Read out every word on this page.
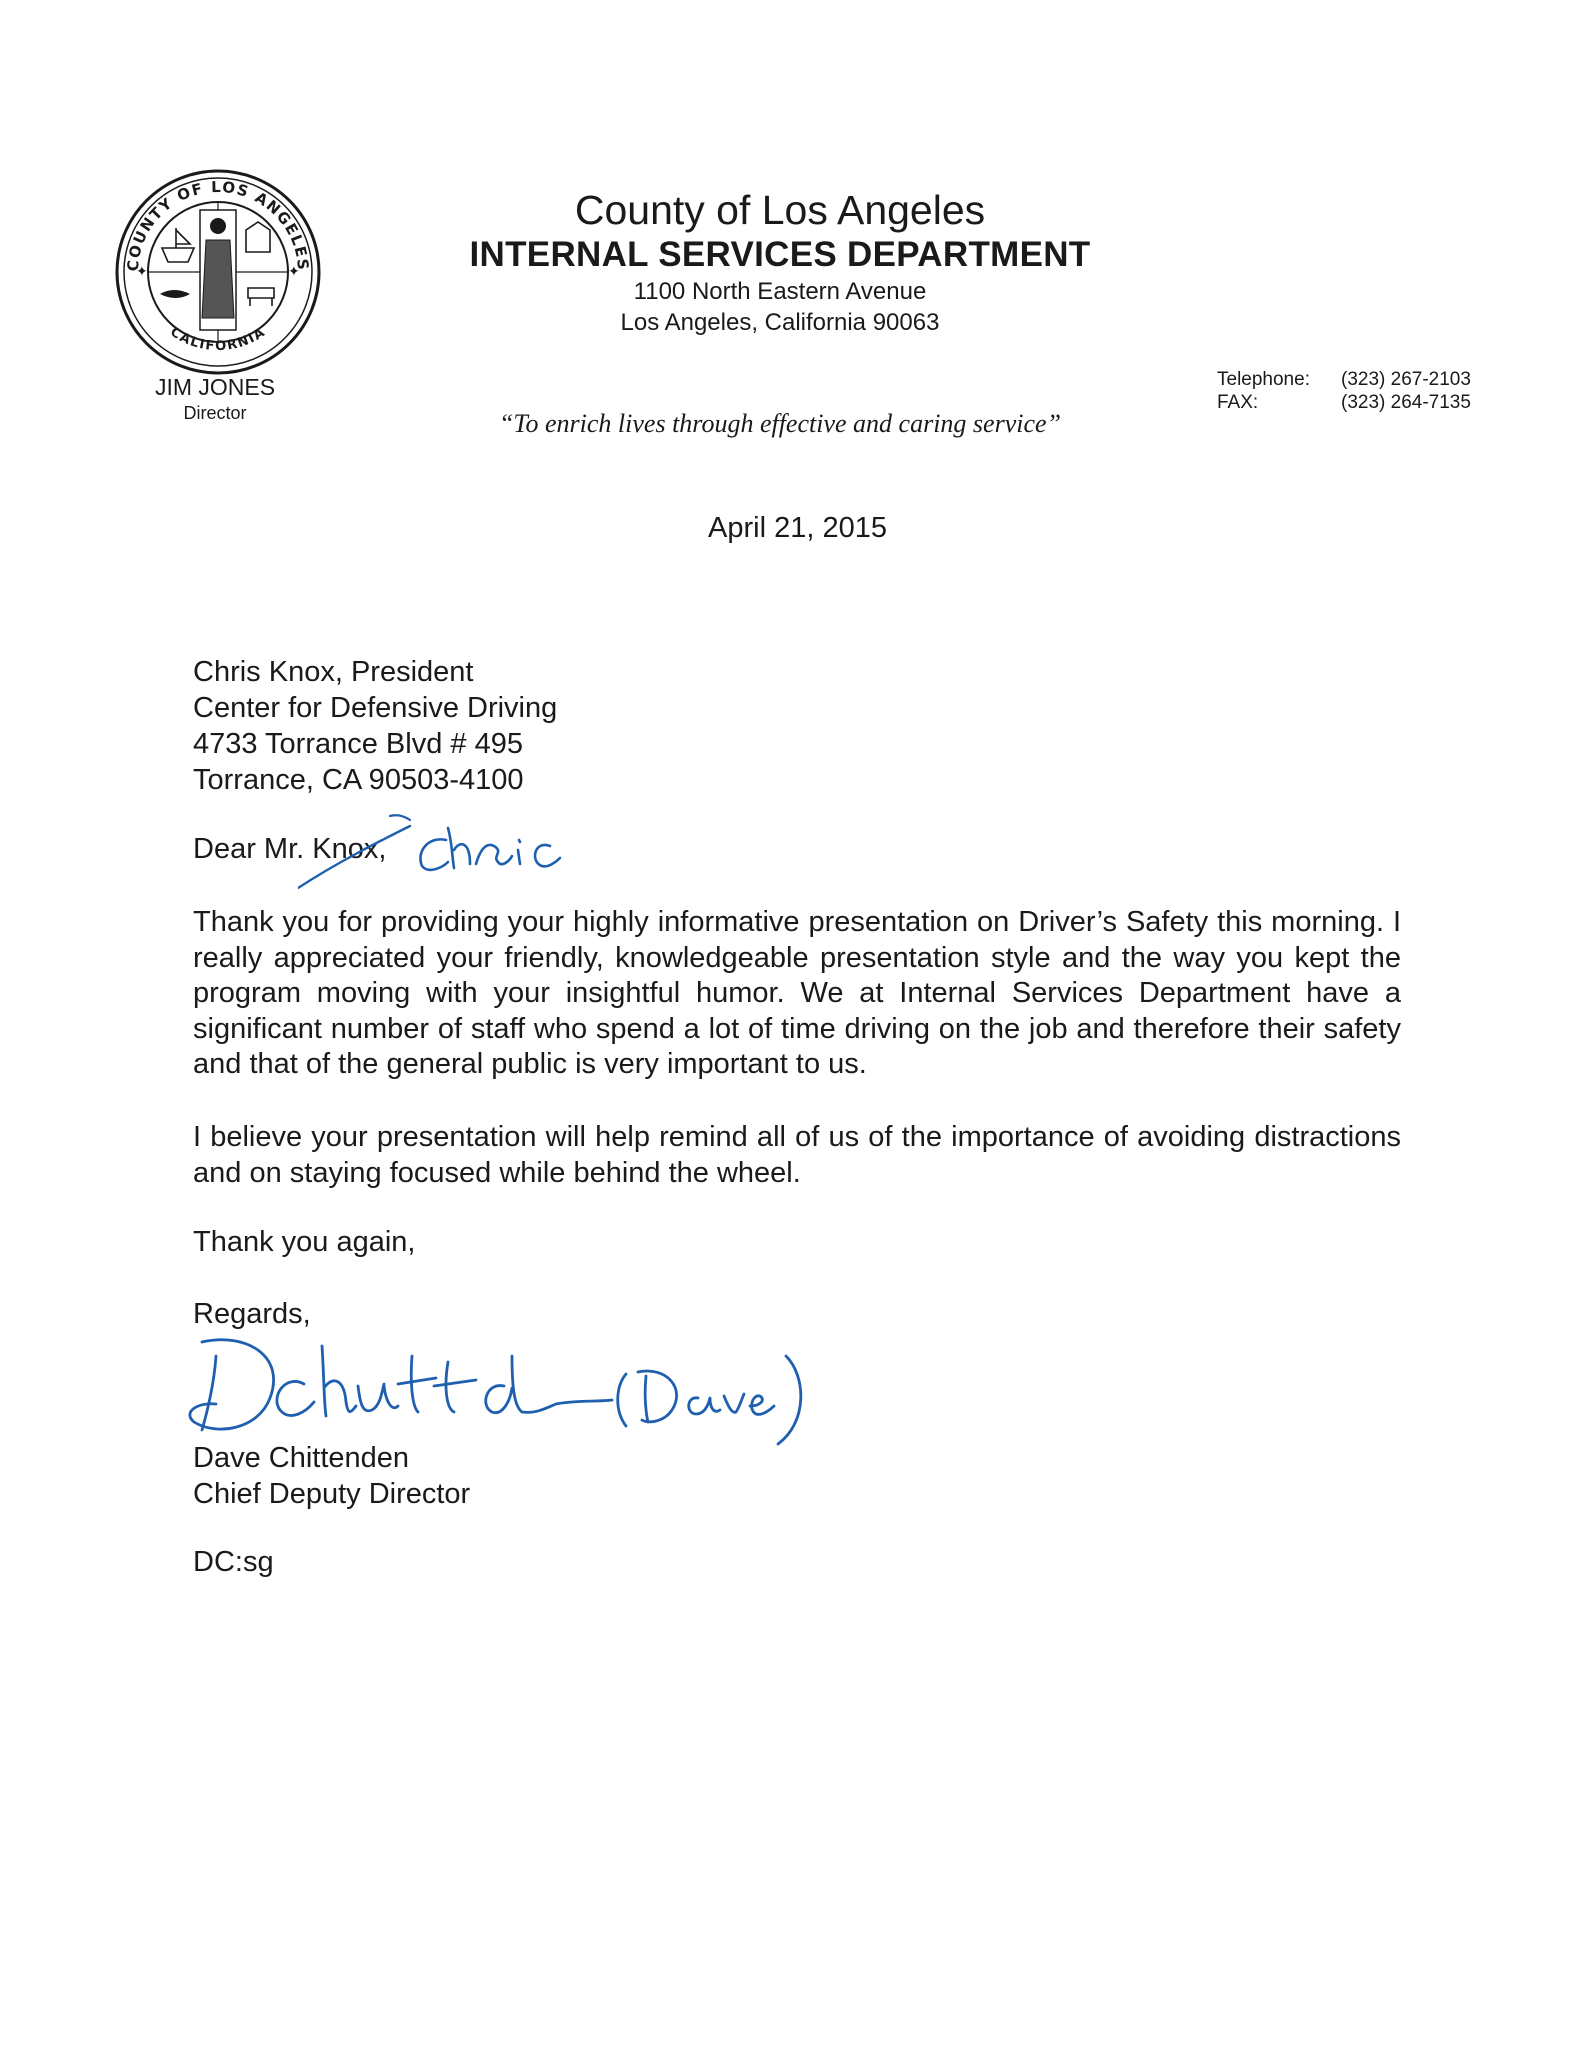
✦	✦
COUNTY OF LOS ANGELES
CALIFORNIA
JIM JONES
Director
County of Los Angeles
INTERNAL SERVICES DEPARTMENT
1100 North Eastern Avenue
Los Angeles, California 90063
“To enrich lives through effective and caring service”
Telephone: (323) 267-2103
FAX:	(323) 264-7135
April 21, 2015
Chris Knox, President
Center for Defensive Driving
4733 Torrance Blvd # 495
Torrance, CA 90503-4100
Dear Mr. Knox,
chris
Thank you for providing your highly informative presentation on Driver’s Safety this morning. I really appreciated your friendly, knowledgeable presentation style and the way you kept the program moving with your insightful humor. We at Internal Services Department have a significant number of staff who spend a lot of time driving on the job and therefore their safety and that of the general public is very important to us.
I believe your presentation will help remind all of us of the importance of avoiding distractions and on staying focused while behind the wheel.
Thank you again,
Regards,
(Dave)
Dave Chittenden
Chief Deputy Director
DC:sg
